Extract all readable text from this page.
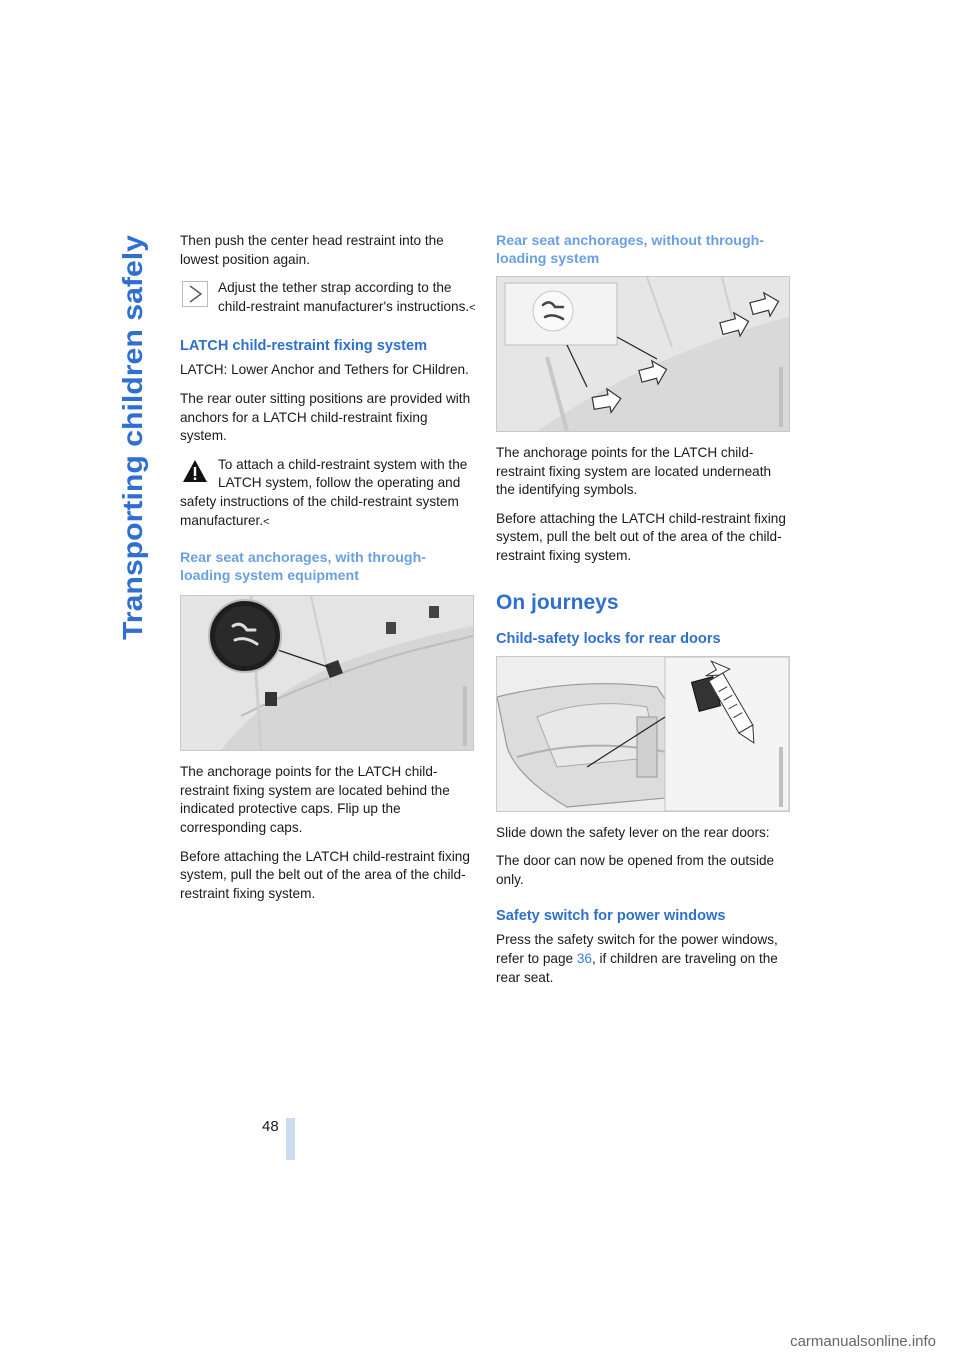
Transporting children safely
48

Then push the center head restraint into the lowest position again.

Adjust the tether strap according to the child-restraint manufacturer's instructions.<
LATCH child-restraint fixing system

LATCH: Lower Anchor and Tethers for CHildren.

The rear outer sitting positions are provided with anchors for a LATCH child-restraint fixing system.

To attach a child-restraint system with the LATCH system, follow the operating and safety instructions of the child-restraint system manufacturer.<
Rear seat anchorages, with through-loading system equipment

The anchorage points for the LATCH child-restraint fixing system are located behind the indicated protective caps. Flip up the corresponding caps.

Before attaching the LATCH child-restraint fixing system, pull the belt out of the area of the child-restraint fixing system.

Rear seat anchorages, without through-loading system

The anchorage points for the LATCH child-restraint fixing system are located underneath the identifying symbols.

Before attaching the LATCH child-restraint fixing system, pull the belt out of the area of the child-restraint fixing system.

On journeys
Child-safety locks for rear doors

Slide down the safety lever on the rear doors:

The door can now be opened from the outside only.

Safety switch for power windows

Press the safety switch for the power windows, refer to page 36, if children are traveling on the rear seat.

carmanualsonline.info
